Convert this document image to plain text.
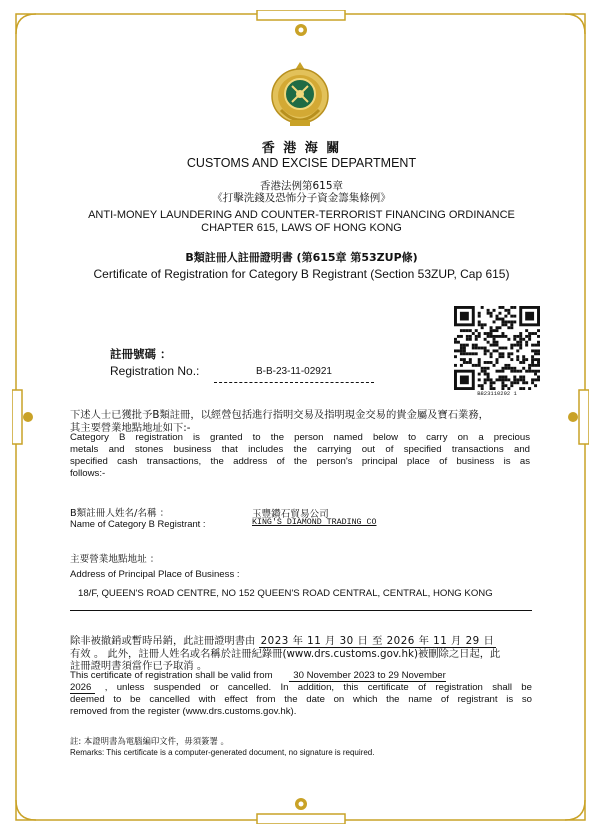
香 港 海 關
CUSTOMS AND EXCISE DEPARTMENT
香港法例第615章
《打擊洗錢及恐怖分子資金籌集條例》
ANTI-MONEY LAUNDERING AND COUNTER-TERRORIST FINANCING ORDINANCE
CHAPTER 615, LAWS OF HONG KONG
B類註冊人註冊證明書 (第615章 第53ZUP條)
Certificate of Registration for Category B Registrant (Section 53ZUP, Cap 615)
註冊號碼 ：
Registration No.:	B-B-23-11-02921
B823110292 1
下述人士已獲批予B類註冊，以經營包括進行指明交易及指明現金交易的貴金屬及寶石業務，
其主要營業地點地址如下:-
Category B registration is granted to the person named below to carry on a precious
metals and stones business that includes the carrying out of specified transactions and
specified cash transactions, the address of the person's principal place of business is as
follows:-
B類註冊人姓名/名稱 ：
Name of Category B Registrant :
玉豐鑽石貿易公司
KING'S DIAMOND TRADING CO
主要營業地點地址 ：
Address of Principal Place of Business :
18/F, QUEEN'S ROAD CENTRE, NO 152 QUEEN'S ROAD CENTRAL, CENTRAL, HONG KONG
除非被撤銷或暫時吊銷，此註冊證明書由 2023 年 11 月 30 日 至 2026 年 11 月 29 日
有效 。 此外，註冊人姓名或名稱於註冊紀錄冊(www.drs.customs.gov.hk)被刪除之日起，此
註冊證明書須當作已予取消 。
This certificate of registration shall be valid from 30 November 2023 to 29 November
2026 , unless suspended or cancelled. In addition, this certificate of registration shall be
deemed to be cancelled with effect from the date on which the name of registrant is so
removed from the register (www.drs.customs.gov.hk).
註: 本證明書為電腦編印文件，毋須簽署 。
Remarks: This certificate is a computer-generated document, no signature is required.
